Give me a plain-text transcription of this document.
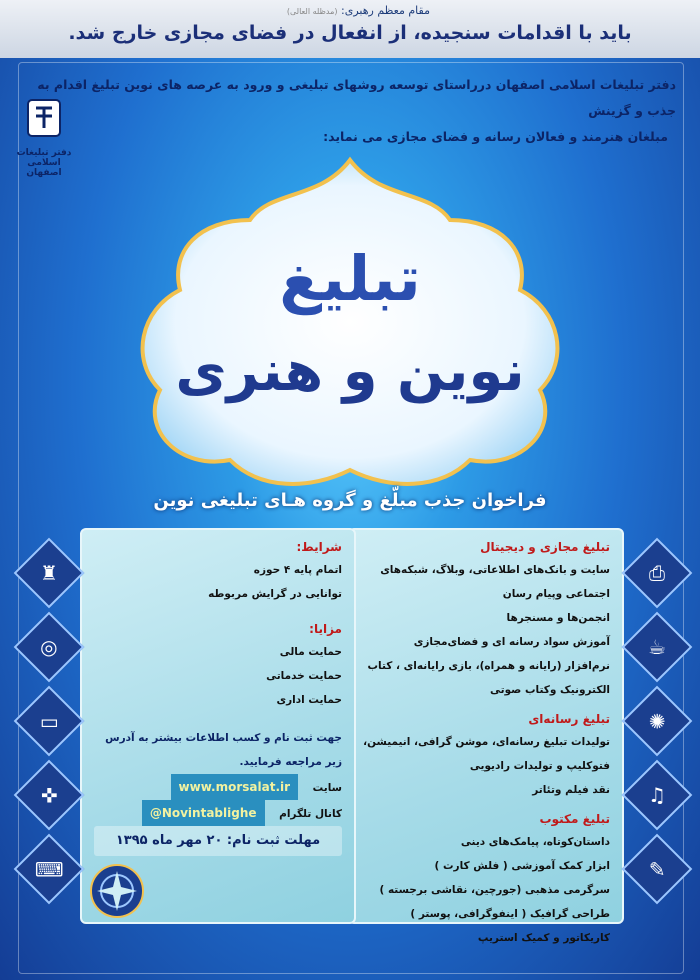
مقام معظم رهبری: (مدظله العالی)
باید با اقدامات سنجیده، از انفعال در فضای مجازی خارج شد.
دفتر تبلیغات اسلامی اصفهان درراستای توسعه روشهای تبلیغی و ورود به عرصه های نوین تبلیغ اقدام به جذب و گزینش
مبلغان هنرمند و فعالان رسانه و فضای مجازی می نماید:
دفتر تبلیغات اسلامی اصفهان
تبلیغ
نوین و هنری
فراخوان جذب مبلّغ و گروه هـای تبلیغی نوین
تبلیغ مجازی و دیجیتال
سایت و بانک‌های اطلاعاتی، وبلاگ، شبکه‌های اجتماعی وپیام رسان
انجمن‌ها و مسنجرها
آموزش سواد رسانه ای و فضای‌مجازی
نرم‌افزار (رایانه و همراه)، بازی رایانه‌ای ، کتاب الکترونیک وکتاب صوتی
تبلیغ رسانه‌ای
تولیدات تبلیغ رسانه‌ای، موشن گرافی، انیمیشن، فتوکلیپ و تولیدات رادیویی
نقد فیلم وتئاتر
تبلیغ مکتوب
داستان‌کوتاه، پیامک‌های دینی
ابزار کمک آموزشی ( فلش کارت )
سرگرمی مذهبی (جورچین، نقاشی برجسته )
طراحی گرافیک ( اینفوگرافی، پوستر )
کاریکاتور و کمیک استریپ
شرایط:
اتمام پایه ۴ حوزه
توانایی در گرایش مربوطه
مزایا:
حمایت مالی
حمایت خدماتی
حمایت اداری
جهت ثبت نام و کسب اطلاعات بیشتر به آدرس زیر مراجعه فرمایید.
سایت    www.morsalat.ir
کانال تلگرام    @Novintablighe
مهلت ثبت نام: ۲۰ مهر ماه ۱۳۹۵
⎙
☕
✺
♫
✎
♜
◎
▭
✜
⌨
